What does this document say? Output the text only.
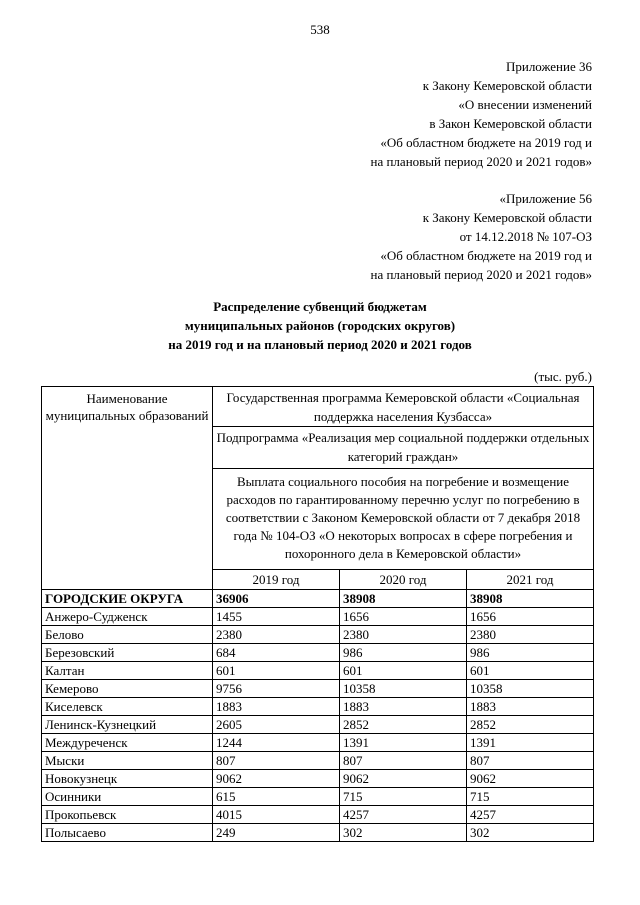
538
Приложение 36
к Закону Кемеровской области
«О внесении изменений
в Закон Кемеровской области
«Об областном бюджете на 2019 год и
на плановый период 2020 и 2021 годов»
«Приложение 56
к Закону Кемеровской области
от 14.12.2018 № 107-ОЗ
«Об областном бюджете на 2019 год и
на плановый период 2020 и 2021 годов»
Распределение субвенций бюджетам
муниципальных районов (городских округов)
на 2019 год и на плановый период 2020 и 2021 годов
(тыс. руб.)
Наименование муниципальных образований	Государственная программа Кемеровской области «Социальная поддержка населения Кузбасса»		
	Подпрограмма «Реализация мер социальной поддержки отдельных категорий граждан»		
	Выплата социального пособия на погребение и возмещение расходов по гарантированному перечню услуг по погребению в соответствии с Законом Кемеровской области от 7 декабря 2018 года № 104-ОЗ «О некоторых вопросах в сфере погребения и похоронного дела в Кемеровской области»		
	2019 год	2020 год	2021 год
ГОРОДСКИЕ ОКРУГА	36906	38908	38908
Анжеро-Судженск	1455	1656	1656
Белово	2380	2380	2380
Березовский	684	986	986
Калтан	601	601	601
Кемерово	9756	10358	10358
Киселевск	1883	1883	1883
Ленинск-Кузнецкий	2605	2852	2852
Междуреченск	1244	1391	1391
Мыски	807	807	807
Новокузнецк	9062	9062	9062
Осинники	615	715	715
Прокопьевск	4015	4257	4257
Полысаево	249	302	302
